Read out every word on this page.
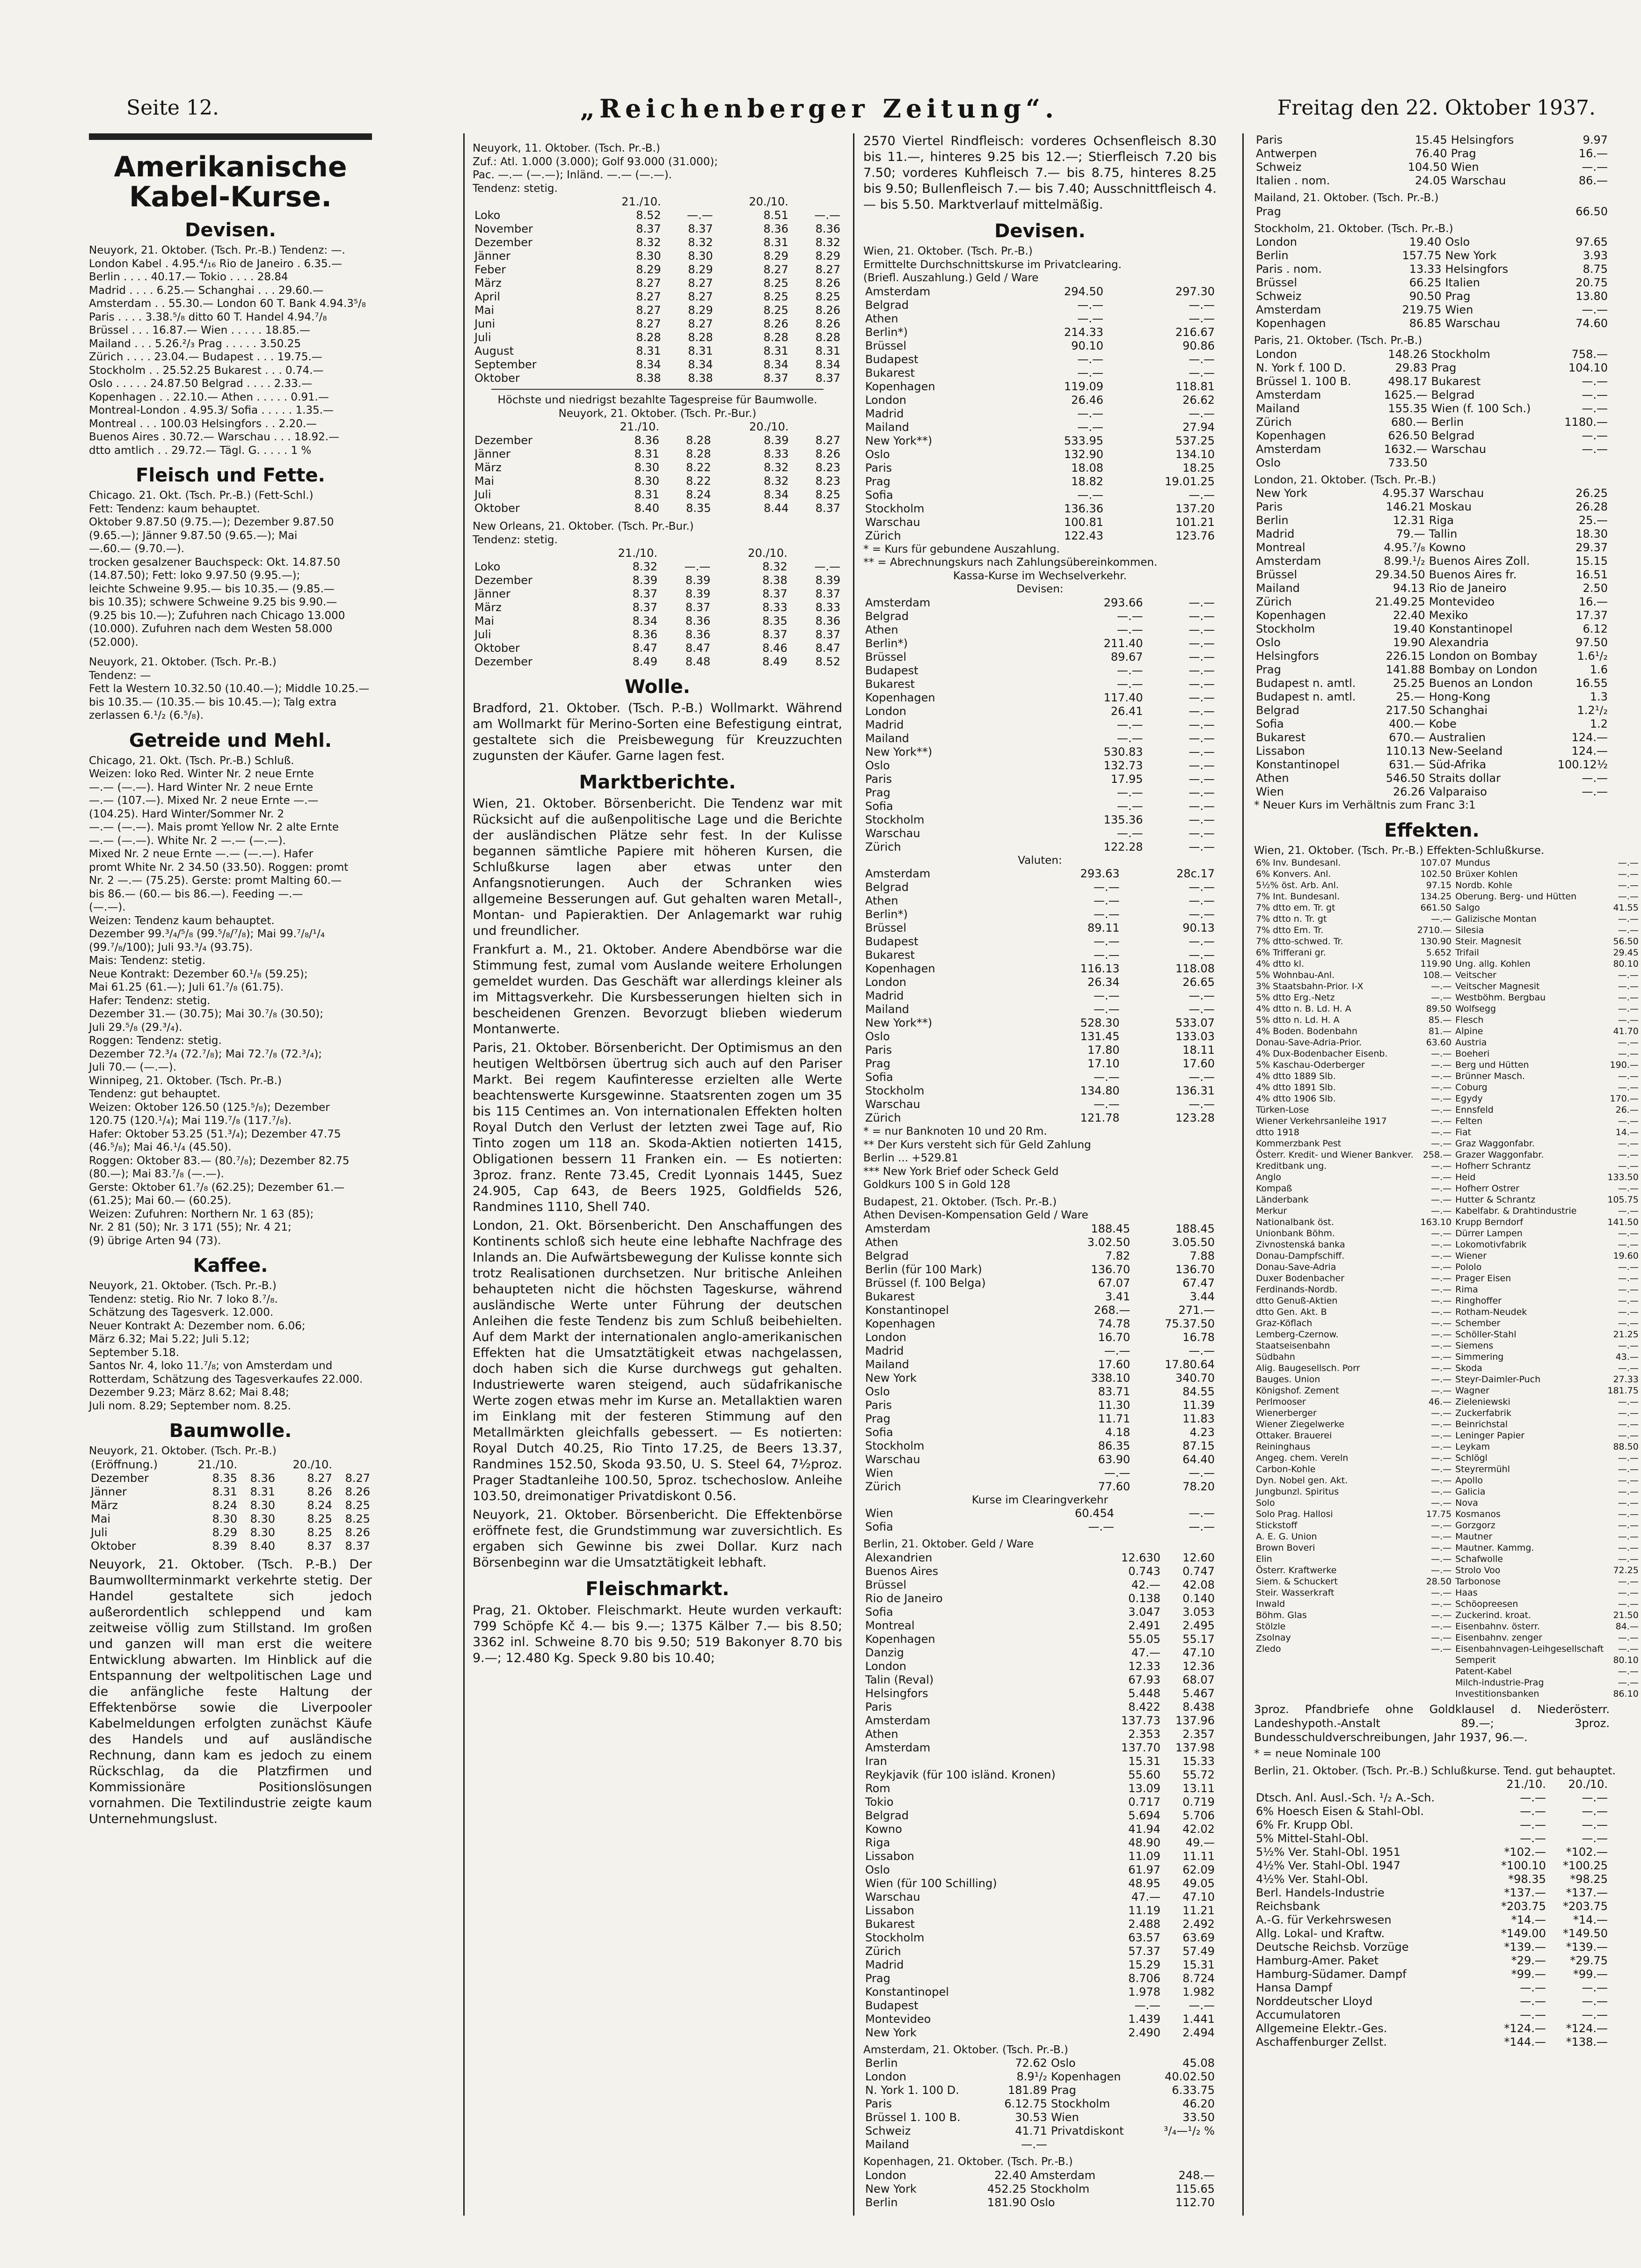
Seite 12.	„Reichenberger Zeitung“.	Freitag den 22. Oktober 1937.
Amerikanische Kabel-Kurse.
Devisen.
Neuyork, 21. Oktober. (Tsch. Pr.-B.) Tendenz: —.
London Kabel . 4.95.⁴/₁₆ Rio de Janeiro . 6.35.—
Berlin . . . . 40.17.— Tokio . . . . 28.84
Madrid . . . . 6.25.— Schanghai . . . 29.60.—
Amsterdam . . 55.30.— London 60 T. Bank 4.94.3⁵/₈
Paris . . . . 3.38.⁵/₈ ditto 60 T. Handel 4.94.⁷/₈
Brüssel . . . 16.87.— Wien . . . . . 18.85.—
Mailand . . . 5.26.²/₃ Prag . . . . . 3.50.25
Zürich . . . . 23.04.— Budapest . . . 19.75.—
Stockholm . . 25.52.25 Bukarest . . . 0.74.—
Oslo . . . . . 24.87.50 Belgrad . . . . 2.33.—
Kopenhagen . . 22.10.— Athen . . . . . 0.91.—
Montreal-London . 4.95.3/ Sofia . . . . . 1.35.—
Montreal . . . 100.03 Helsingfors . . 2.20.—
Buenos Aires . 30.72.— Warschau . . . 18.92.—
dtto amtlich . . 29.72.— Tägl. G. . . . . 1 %
Fleisch und Fette.
Chicago. 21. Okt. (Tsch. Pr.-B.) (Fett-Schl.)
Fett: Tendenz: kaum behauptet.
Oktober 9.87.50 (9.75.—); Dezember 9.87.50
(9.65.—); Jänner 9.87.50 (9.65.—); Mai
—.60.— (9.70.—).
trocken gesalzener Bauchspeck: Okt. 14.87.50
(14.87.50); Fett: loko 9.97.50 (9.95.—);
leichte Schweine 9.95.— bis 10.35.— (9.85.—
bis 10.35); schwere Schweine 9.25 bis 9.90.—
(9.25 bis 10.—); Zufuhren nach Chicago 13.000
(10.000). Zufuhren nach dem Westen 58.000
(52.000).
Neuyork, 21. Oktober. (Tsch. Pr.-B.)
Tendenz: —
Fett la Western 10.32.50 (10.40.—); Middle 10.25.—
bis 10.35.— (10.35.— bis 10.45.—); Talg extra
zerlassen 6.¹/₂ (6.⁵/₈).
Getreide und Mehl.
Chicago, 21. Okt. (Tsch. Pr.-B.) Schluß.
Weizen: loko Red. Winter Nr. 2 neue Ernte
—.— (—.—). Hard Winter Nr. 2 neue Ernte
—.— (107.—). Mixed Nr. 2 neue Ernte —.—
(104.25). Hard Winter/Sommer Nr. 2
—.— (—.—). Mais promt Yellow Nr. 2 alte Ernte
—.— (—.—). White Nr. 2 —.— (—.—).
Mixed Nr. 2 neue Ernte —.— (—.—). Hafer
promt White Nr. 2 34.50 (33.50). Roggen: promt
Nr. 2 —.— (75.25). Gerste: promt Malting 60.—
bis 86.— (60.— bis 86.—). Feeding —.—
(—.—).
Weizen: Tendenz kaum behauptet.
Dezember 99.³/₄/⁵/₈ (99.⁵/₈/⁷/₈); Mai 99.⁷/₈/¹/₄
(99.⁷/₈/100); Juli 93.³/₄ (93.75).
Mais: Tendenz: stetig.
Neue Kontrakt: Dezember 60.¹/₈ (59.25);
Mai 61.25 (61.—); Juli 61.⁷/₈ (61.75).
Hafer: Tendenz: stetig.
Dezember 31.— (30.75); Mai 30.⁷/₈ (30.50);
Juli 29.⁵/₈ (29.³/₄).
Roggen: Tendenz: stetig.
Dezember 72.³/₄ (72.⁷/₈); Mai 72.⁷/₈ (72.³/₄);
Juli 70.— (—.—).
Winnipeg, 21. Oktober. (Tsch. Pr.-B.)
Tendenz: gut behauptet.
Weizen: Oktober 126.50 (125.⁵/₈); Dezember
120.75 (120.¹/₄); Mai 119.⁷/₈ (117.⁷/₈).
Hafer: Oktober 53.25 (51.³/₄); Dezember 47.75
(46.⁵/₈); Mai 46.¹/₄ (45.50).
Roggen: Oktober 83.— (80.⁷/₈); Dezember 82.75
(80.—); Mai 83.⁷/₈ (—.—).
Gerste: Oktober 61.⁷/₈ (62.25); Dezember 61.—
(61.25); Mai 60.— (60.25).
Weizen: Zufuhren: Northern Nr. 1 63 (85);
Nr. 2 81 (50); Nr. 3 171 (55); Nr. 4 21;
(9) übrige Arten 94 (73).
Kaffee.
Neuyork, 21. Oktober. (Tsch. Pr.-B.)
Tendenz: stetig. Rio Nr. 7 loko 8.⁷/₈.
Schätzung des Tagesverk. 12.000.
Neuer Kontrakt A: Dezember nom. 6.06;
März 6.32; Mai 5.22; Juli 5.12;
September 5.18.
Santos Nr. 4, loko 11.⁷/₈; von Amsterdam und
Rotterdam, Schätzung des Tagesverkaufes 22.000.
Dezember 9.23; März 8.62; Mai 8.48;
Juli nom. 8.29; September nom. 8.25.
Baumwolle.
Neuyork, 21. Oktober. (Tsch. Pr.-B.)
(Eröffnung.)	21./10.		20./10.	
Dezember	8.35	8.36	8.27	8.27
Jänner	8.31	8.31	8.26	8.26
März	8.24	8.30	8.24	8.25
Mai	8.30	8.30	8.25	8.25
Juli	8.29	8.30	8.25	8.26
Oktober	8.39	8.40	8.37	8.37

Neuyork, 21. Oktober. (Tsch. P.-B.) Der Baumwollterminmarkt verkehrte stetig. Der Handel gestaltete sich jedoch außerordentlich schleppend und kam zeitweise völlig zum Stillstand. Im großen und ganzen will man erst die weitere Entwicklung abwarten. Im Hinblick auf die Entspannung der weltpolitischen Lage und die anfängliche feste Haltung der Effektenbörse sowie die Liverpooler Kabelmeldungen erfolgten zunächst Käufe des Handels und auf ausländische Rechnung, dann kam es jedoch zu einem Rückschlag, da die Platzfirmen und Kommissionäre Positionslösungen vornahmen. Die Textilindustrie zeigte kaum Unternehmungslust.

Neuyork, 11. Oktober. (Tsch. Pr.-B.)
Zuf.: Atl. 1.000 (3.000); Golf 93.000 (31.000);
Pac. —.— (—.—); Inländ. —.— (—.—).
Tendenz: stetig.
	21./10.		20./10.	
Loko	8.52	—.—	8.51	—.—
November	8.37	8.37	8.36	8.36
Dezember	8.32	8.32	8.31	8.32
Jänner	8.30	8.30	8.29	8.29
Feber	8.29	8.29	8.27	8.27
März	8.27	8.27	8.25	8.26
April	8.27	8.27	8.25	8.25
Mai	8.27	8.29	8.25	8.26
Juni	8.27	8.27	8.26	8.26
Juli	8.28	8.28	8.28	8.28
August	8.31	8.31	8.31	8.31
September	8.34	8.34	8.34	8.34
Oktober	8.38	8.38	8.37	8.37
Höchste und niedrigst bezahlte Tagespreise für Baumwolle.
Neuyork, 21. Oktober. (Tsch. Pr.-Bur.)
	21./10.		20./10.	
Dezember	8.36	8.28	8.39	8.27
Jänner	8.31	8.28	8.33	8.26
März	8.30	8.22	8.32	8.23
Mai	8.30	8.22	8.32	8.23
Juli	8.31	8.24	8.34	8.25
Oktober	8.40	8.35	8.44	8.37
New Orleans, 21. Oktober. (Tsch. Pr.-Bur.)
Tendenz: stetig.
	21./10.		20./10.	
Loko	8.32	—.—	8.32	—.—
Dezember	8.39	8.39	8.38	8.39
Jänner	8.37	8.39	8.37	8.37
März	8.37	8.37	8.33	8.33
Mai	8.34	8.36	8.35	8.36
Juli	8.36	8.36	8.37	8.37
Oktober	8.47	8.47	8.46	8.47
Dezember	8.49	8.48	8.49	8.52
Wolle.

Bradford, 21. Oktober. (Tsch. P.-B.) Wollmarkt. Während am Wollmarkt für Merino-Sorten eine Befestigung eintrat, gestaltete sich die Preisbewegung für Kreuzzuchten zugunsten der Käufer. Garne lagen fest.

Marktberichte.

Wien, 21. Oktober. Börsenbericht. Die Tendenz war mit Rücksicht auf die außenpolitische Lage und die Berichte der ausländischen Plätze sehr fest. In der Kulisse begannen sämtliche Papiere mit höheren Kursen, die Schlußkurse lagen aber etwas unter den Anfangsnotierungen. Auch der Schranken wies allgemeine Besserungen auf. Gut gehalten waren Metall-, Montan- und Papieraktien. Der Anlagemarkt war ruhig und freundlicher.

Frankfurt a. M., 21. Oktober. Andere Abendbörse war die Stimmung fest, zumal vom Auslande weitere Erholungen gemeldet wurden. Das Geschäft war allerdings kleiner als im Mittagsverkehr. Die Kursbesserungen hielten sich in bescheidenen Grenzen. Bevorzugt blieben wiederum Montanwerte.

Paris, 21. Oktober. Börsenbericht. Der Optimismus an den heutigen Weltbörsen übertrug sich auch auf den Pariser Markt. Bei regem Kaufinteresse erzielten alle Werte beachtenswerte Kursgewinne. Staatsrenten zogen um 35 bis 115 Centimes an. Von internationalen Effekten holten Royal Dutch den Verlust der letzten zwei Tage auf, Rio Tinto zogen um 118 an. Skoda-Aktien notierten 1415, Obligationen bessern 11 Franken ein. — Es notierten: 3proz. franz. Rente 73.45, Credit Lyonnais 1445, Suez 24.905, Cap 643, de Beers 1925, Goldfields 526, Randmines 1110, Shell 740.

London, 21. Okt. Börsenbericht. Den Anschaffungen des Kontinents schloß sich heute eine lebhafte Nachfrage des Inlands an. Die Aufwärtsbewegung der Kulisse konnte sich trotz Realisationen durchsetzen. Nur britische Anleihen behaupteten nicht die höchsten Tageskurse, während ausländische Werte unter Führung der deutschen Anleihen die feste Tendenz bis zum Schluß beibehielten. Auf dem Markt der internationalen anglo-amerikanischen Effekten hat die Umsatztätigkeit etwas nachgelassen, doch haben sich die Kurse durchwegs gut gehalten. Industriewerte waren steigend, auch südafrikanische Werte zogen etwas mehr im Kurse an. Metallaktien waren im Einklang mit der festeren Stimmung auf den Metallmärkten gleichfalls gebessert. — Es notierten: Royal Dutch 40.25, Rio Tinto 17.25, de Beers 13.37, Randmines 152.50, Skoda 93.50, U. S. Steel 64, 7½proz. Prager Stadtanleihe 100.50, 5proz. tschechoslow. Anleihe 103.50, dreimonatiger Privatdiskont 0.56.

Neuyork, 21. Oktober. Börsenbericht. Die Effektenbörse eröffnete fest, die Grundstimmung war zuversichtlich. Es ergaben sich Gewinne bis zwei Dollar. Kurz nach Börsenbeginn war die Umsatztätigkeit lebhaft.

Fleischmarkt.

Prag, 21. Oktober. Fleischmarkt. Heute wurden verkauft: 799 Schöpfe Kč 4.— bis 9.—; 1375 Kälber 7.— bis 8.50; 3362 inl. Schweine 8.70 bis 9.50; 519 Bakonyer 8.70 bis 9.—; 12.480 Kg. Speck 9.80 bis 10.40;

2570 Viertel Rindfleisch: vorderes Ochsenfleisch 8.30 bis 11.—, hinteres 9.25 bis 12.—; Stierfleisch 7.20 bis 7.50; vorderes Kuhfleisch 7.— bis 8.75, hinteres 8.25 bis 9.50; Bullenfleisch 7.— bis 7.40; Ausschnittfleisch 4.— bis 5.50. Marktverlauf mittelmäßig.

Devisen.
Wien, 21. Oktober. (Tsch. Pr.-B.)
Ermittelte Durchschnittskurse im Privatclearing.
(Briefl. Auszahlung.) Geld / Ware
Amsterdam	294.50	297.30
Belgrad	—.—	—.—
Athen	—.—	—.—
Berlin*)	214.33	216.67
Brüssel	90.10	90.86
Budapest	—.—	—.—
Bukarest	—.—	—.—
Kopenhagen	119.09	118.81
London	26.46	26.62
Madrid	—.—	—.—
Mailand	—.—	27.94
New York**)	533.95	537.25
Oslo	132.90	134.10
Paris	18.08	18.25
Prag	18.82	19.01.25
Sofia	—.—	—.—
Stockholm	136.36	137.20
Warschau	100.81	101.21
Zürich	122.43	123.76
* = Kurs für gebundene Auszahlung.
** = Abrechnungskurs nach Zahlungsübereinkommen.
Kassa-Kurse im Wechselverkehr.
Devisen:
Amsterdam	293.66	—.—
Belgrad	—.—	—.—
Athen	—.—	—.—
Berlin*)	211.40	—.—
Brüssel	89.67	—.—
Budapest	—.—	—.—
Bukarest	—.—	—.—
Kopenhagen	117.40	—.—
London	26.41	—.—
Madrid	—.—	—.—
Mailand	—.—	—.—
New York**)	530.83	—.—
Oslo	132.73	—.—
Paris	17.95	—.—
Prag	—.—	—.—
Sofia	—.—	—.—
Stockholm	135.36	—.—
Warschau	—.—	—.—
Zürich	122.28	—.—
Valuten:
Amsterdam	293.63	28c.17
Belgrad	—.—	—.—
Athen	—.—	—.—
Berlin*)	—.—	—.—
Brüssel	89.11	90.13
Budapest	—.—	—.—
Bukarest	—.—	—.—
Kopenhagen	116.13	118.08
London	26.34	26.65
Madrid	—.—	—.—
Mailand	—.—	—.—
New York**)	528.30	533.07
Oslo	131.45	133.03
Paris	17.80	18.11
Prag	17.10	17.60
Sofia	—.—	—.—
Stockholm	134.80	136.31
Warschau	—.—	—.—
Zürich	121.78	123.28
* = nur Banknoten 10 und 20 Rm.
** Der Kurs versteht sich für Geld Zahlung
Berlin ... +529.81
*** New York Brief oder Scheck Geld
Goldkurs 100 S in Gold 128
Budapest, 21. Oktober. (Tsch. Pr.-B.)
Athen Devisen-Kompensation Geld / Ware
Amsterdam	188.45	188.45
Athen	3.02.50	3.05.50
Belgrad	7.82	7.88
Berlin (für 100 Mark)	136.70	136.70
Brüssel (f. 100 Belga)	67.07	67.47
Bukarest	3.41	3.44
Konstantinopel	268.—	271.—
Kopenhagen	74.78	75.37.50
London	16.70	16.78
Madrid	—.—	—.—
Mailand	17.60	17.80.64
New York	338.10	340.70
Oslo	83.71	84.55
Paris	11.30	11.39
Prag	11.71	11.83
Sofia	4.18	4.23
Stockholm	86.35	87.15
Warschau	63.90	64.40
Wien	—.—	—.—
Zürich	77.60	78.20
Kurse im Clearingverkehr
Wien	60.454	—.—
Sofia	—.—	—.—
Berlin, 21. Oktober. Geld / Ware
Alexandrien	12.630	12.60
Buenos Aires	0.743	0.747
Brüssel	42.—	42.08
Rio de Janeiro	0.138	0.140
Sofia	3.047	3.053
Montreal	2.491	2.495
Kopenhagen	55.05	55.17
Danzig	47.—	47.10
London	12.33	12.36
Talin (Reval)	67.93	68.07
Helsingfors	5.448	5.467
Paris	8.422	8.438
Amsterdam	137.73	137.96
Athen	2.353	2.357
Amsterdam	137.70	137.98
Iran	15.31	15.33
Reykjavik (für 100 isländ. Kronen)	55.60	55.72
Rom	13.09	13.11
Tokio	0.717	0.719
Belgrad	5.694	5.706
Kowno	41.94	42.02
Riga	48.90	49.—
Lissabon	11.09	11.11
Oslo	61.97	62.09
Wien (für 100 Schilling)	48.95	49.05
Warschau	47.—	47.10
Lissabon	11.19	11.21
Bukarest	2.488	2.492
Stockholm	63.57	63.69
Zürich	57.37	57.49
Madrid	15.29	15.31
Prag	8.706	8.724
Konstantinopel	1.978	1.982
Budapest	—.—	—.—
Montevideo	1.439	1.441
New York	2.490	2.494
Amsterdam, 21. Oktober. (Tsch. Pr.-B.)
Berlin	72.62	Oslo	45.08
London	8.9¹/₂	Kopenhagen	40.02.50
N. York 1. 100 D.	181.89	Prag	6.33.75
Paris	6.12.75	Stockholm	46.20
Brüssel 1. 100 B.	30.53	Wien	33.50
Schweiz	41.71	Privatdiskont	³/₄—¹/₂ %
Mailand	—.—		
Kopenhagen, 21. Oktober. (Tsch. Pr.-B.)
London	22.40	Amsterdam	248.—
New York	452.25	Stockholm	115.65
Berlin	181.90	Oslo	112.70
Paris	15.45	Helsingfors	9.97
Antwerpen	76.40	Prag	16.—
Schweiz	104.50	Wien	—.—
Italien . nom.	24.05	Warschau	86.—
Mailand, 21. Oktober. (Tsch. Pr.-B.)
Prag	66.50
Stockholm, 21. Oktober. (Tsch. Pr.-B.)
London	19.40	Oslo	97.65
Berlin	157.75	New York	3.93
Paris . nom.	13.33	Helsingfors	8.75
Brüssel	66.25	Italien	20.75
Schweiz	90.50	Prag	13.80
Amsterdam	219.75	Wien	—.—
Kopenhagen	86.85	Warschau	74.60
Paris, 21. Oktober. (Tsch. Pr.-B.)
London	148.26	Stockholm	758.—
N. York f. 100 D.	29.83	Prag	104.10
Brüssel 1. 100 B.	498.17	Bukarest	—.—
Amsterdam	1625.—	Belgrad	—.—
Mailand	155.35	Wien (f. 100 Sch.)	—.—
Zürich	680.—	Berlin	1180.—
Kopenhagen	626.50	Belgrad	—.—
Amsterdam	1632.—	Warschau	—.—
Oslo	733.50		
London, 21. Oktober. (Tsch. Pr.-B.)
New York	4.95.37	Warschau	26.25
Paris	146.21	Moskau	26.28
Berlin	12.31	Riga	25.—
Madrid	79.—	Tallin	18.30
Montreal	4.95.⁷/₈	Kowno	29.37
Amsterdam	8.99.¹/₂	Buenos Aires Zoll.	15.15
Brüssel	29.34.50	Buenos Aires fr.	16.51
Mailand	94.13	Rio de Janeiro	2.50
Zürich	21.49.25	Montevideo	16.—
Kopenhagen	22.40	Mexiko	17.37
Stockholm	19.40	Konstantinopel	6.12
Oslo	19.90	Alexandria	97.50
Helsingfors	226.15	London on Bombay	1.6¹/₂
Prag	141.88	Bombay on London	1.6
Budapest n. amtl.	25.25	Buenos an London	16.55
Budapest n. amtl.	25.—	Hong-Kong	1.3
Belgrad	217.50	Schanghai	1.2¹/₂
Sofia	400.—	Kobe	1.2
Bukarest	670.—	Australien	124.—
Lissabon	110.13	New-Seeland	124.—
Konstantinopel	631.—	Süd-Afrika	100.12½
Athen	546.50	Straits dollar	—.—
Wien	26.26	Valparaiso	—.—
* Neuer Kurs im Verhältnis zum Franc 3:1
Effekten.
Wien, 21. Oktober. (Tsch. Pr.-B.) Effekten-Schlußkurse.
6% Inv. Bundesanl.	107.07	Mundus	—.—
6% Konvers. Anl.	102.50	Brüxer Kohlen	—.—
5½% öst. Arb. Anl.	97.15	Nordb. Kohle	—.—
7% Int. Bundesanl.	134.25	Oberung. Berg- und Hütten	—.—
7% dtto em. Tr. gt	661.50	Salgo	41.55
7% dtto n. Tr. gt	—.—	Galizische Montan	—.—
7% dtto Em. Tr.	2710.—	Silesia	—.—
7% dtto-schwed. Tr.	130.90	Steir. Magnesit	56.50
6% Trifferani gr.	5.652	Trifail	29.45
4% dtto kl.	119.90	Ung. allg. Kohlen	80.10
5% Wohnbau-Anl.	108.—	Veitscher	—.—
3% Staatsbahn-Prior. I-X	—.—	Veitscher Magnesit	—.—
5% dtto Erg.-Netz	—.—	Westböhm. Bergbau	—.—
4% dtto n. B. Ld. H. A	89.50	Wolfsegg	—.—
5% dtto n. Ld. H. A	85.—	Flesch	—.—
4% Boden. Bodenbahn	81.—	Alpine	41.70
Donau-Save-Adria-Prior.	63.60	Austria	—.—
4% Dux-Bodenbacher Eisenb.	—.—	Boeheri	—.—
5% Kaschau-Oderberger	—.—	Berg und Hütten	190.—
4% dtto 1889 Slb.	—.—	Brünner Masch.	—.—
4% dtto 1891 Slb.	—.—	Coburg	—.—
4% dtto 1906 Slb.	—.—	Egydy	170.—
Türken-Lose	—.—	Ennsfeld	26.—
Wiener Verkehrsanleihe 1917	—.—	Felten	—.—
dtto 1918	—.—	Fiat	14.—
Kommerzbank Pest	—.—	Graz Waggonfabr.	—.—
Österr. Kredit- und Wiener Bankver.	258.—	Grazer Waggonfabr.	—.—
Kreditbank ung.	—.—	Hofherr Schrantz	—.—
Anglo	—.—	Heid	133.50
Kompaß	—.—	Hofherr Ostrer	—.—
Länderbank	—.—	Hutter & Schrantz	105.75
Merkur	—.—	Kabelfabr. & Drahtindustrie	—.—
Nationalbank öst.	163.10	Krupp Berndorf	141.50
Unionbank Böhm.	—.—	Dürrer Lampen	—.—
Zivnostenská banka	—.—	Lokomotivfabrik	—.—
Donau-Dampfschiff.	—.—	Wiener	19.60
Donau-Save-Adria	—.—	Pololo	—.—
Duxer Bodenbacher	—.—	Prager Eisen	—.—
Ferdinands-Nordb.	—.—	Rima	—.—
dtto Genuß-Aktien	—.—	Ringhoffer	—.—
dtto Gen. Akt. B	—.—	Rotham-Neudek	—.—
Graz-Köflach	—.—	Schember	—.—
Lemberg-Czernow.	—.—	Schöller-Stahl	21.25
Staatseisenbahn	—.—	Siemens	—.—
Südbahn	—.—	Simmering	43.—
Alig. Baugesellsch. Porr	—.—	Skoda	—.—
Bauges. Union	—.—	Steyr-Daimler-Puch	27.33
Königshof. Zement	—.—	Wagner	181.75
Perlmooser	46.—	Zieleniewski	—.—
Wienerberger	—.—	Zuckerfabrik	—.—
Wiener Ziegelwerke	—.—	Beinrichstal	—.—
Ottaker. Brauerei	—.—	Leninger Papier	—.—
Reininghaus	—.—	Leykam	88.50
Angeg. chem. Vereln	—.—	Schlögl	—.—
Carbon-Kohle	—.—	Steyrermühl	—.—
Dyn. Nobel gen. Akt.	—.—	Apollo	—.—
Jungbunzl. Spiritus	—.—	Galicia	—.—
Solo	—.—	Nova	—.—
Solo Prag. Hallosi	17.75	Kosmanos	—.—
Stickstoff	—.—	Gorzgorz	—.—
A. E. G. Union	—.—	Mautner	—.—
Brown Boveri	—.—	Mautner. Kammg.	—.—
Elin	—.—	Schafwolle	—.—
Österr. Kraftwerke	—.—	Strolo Voo	72.25
Siem. & Schuckert	28.50	Tarbonose	—.—
Steir. Wasserkraft	—.—	Haas	—.—
Inwald	—.—	Schöopreesen	—.—
Böhm. Glas	—.—	Zuckerind. kroat.	21.50
Stölzle	—.—	Eisenbahnv. österr.	84.—
Zsolnay	—.—	Eisenbahnv. zenger	—.—
Zledo	—.—	Eisenbahnvagen-Leihgesellschaft	—.—
		Semperit	80.10
		Patent-Kabel	—.—
		Milch-industrie-Prag	—.—
		Investitionsbanken	86.10

3proz. Pfandbriefe ohne Goldklausel d. Niederösterr. Landeshypoth.-Anstalt 89.—; 3proz. Bundesschuldverschreibungen, Jahr 1937, 96.—.

* = neue Nominale 100
Berlin, 21. Oktober. (Tsch. Pr.-B.) Schlußkurse. Tend. gut behauptet.
	21./10.	20./10.
Dtsch. Anl. Ausl.-Sch. ¹/₂ A.-Sch.	—.—	—.—
6% Hoesch Eisen & Stahl-Obl.	—.—	—.—
6% Fr. Krupp Obl.	—.—	—.—
5% Mittel-Stahl-Obl.	—.—	—.—
5½% Ver. Stahl-Obl. 1951	*102.—	*102.—
4½% Ver. Stahl-Obl. 1947	*100.10	*100.25
4½% Ver. Stahl-Obl.	*98.35	*98.25
Berl. Handels-Industrie	*137.—	*137.—
Reichsbank	*203.75	*203.75
A.-G. für Verkehrswesen	*14.—	*14.—
Allg. Lokal- und Kraftw.	*149.00	*149.50
Deutsche Reichsb. Vorzüge	*139.—	*139.—
Hamburg-Amer. Paket	*29.—	*29.75
Hamburg-Südamer. Dampf	*99.—	*99.—
Hansa Dampf	—.—	—.—
Norddeutscher Lloyd	—.—	—.—
Accumulatoren	—.—	—.—
Allgemeine Elektr.-Ges.	*124.—	*124.—
Aschaffenburger Zellst.	*144.—	*138.—
